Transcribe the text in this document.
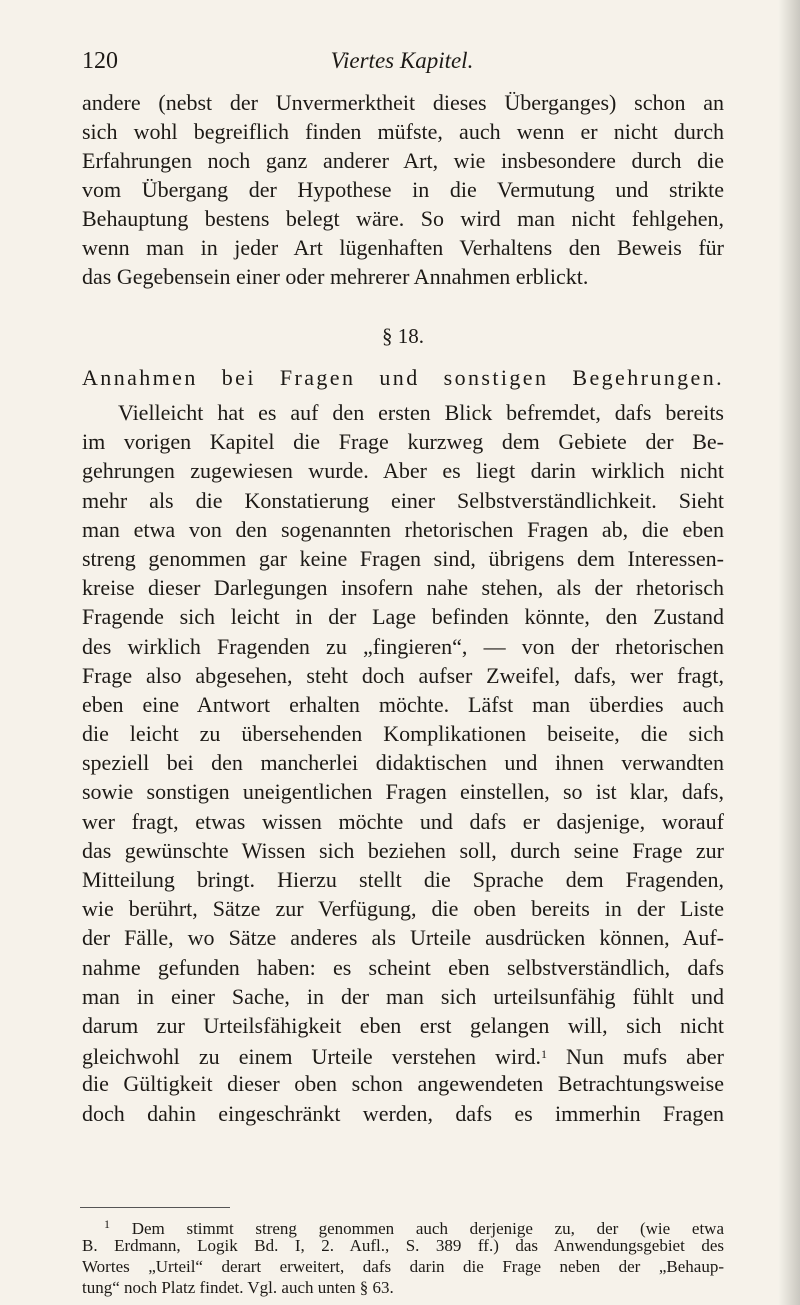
120	Viertes Kapitel.
andere (nebst der Unvermerktheit dieses Überganges) schon an
sich wohl begreiflich finden müfste, auch wenn er nicht durch
Erfahrungen noch ganz anderer Art, wie insbesondere durch die
vom Übergang der Hypothese in die Vermutung und strikte
Behauptung bestens belegt wäre. So wird man nicht fehlgehen,
wenn man in jeder Art lügenhaften Verhaltens den Beweis für
das Gegebensein einer oder mehrerer Annahmen erblickt.
§ 18.
Annahmen bei Fragen und sonstigen Begehrungen.
Vielleicht hat es auf den ersten Blick befremdet, dafs bereits
im vorigen Kapitel die Frage kurzweg dem Gebiete der Be-
gehrungen zugewiesen wurde. Aber es liegt darin wirklich nicht
mehr als die Konstatierung einer Selbstverständlichkeit. Sieht
man etwa von den sogenannten rhetorischen Fragen ab, die eben
streng genommen gar keine Fragen sind, übrigens dem Interessen-
kreise dieser Darlegungen insofern nahe stehen, als der rhetorisch
Fragende sich leicht in der Lage befinden könnte, den Zustand
des wirklich Fragenden zu „fingieren“, — von der rhetorischen
Frage also abgesehen, steht doch aufser Zweifel, dafs, wer fragt,
eben eine Antwort erhalten möchte. Läfst man überdies auch
die leicht zu übersehenden Komplikationen beiseite, die sich
speziell bei den mancherlei didaktischen und ihnen verwandten
sowie sonstigen uneigentlichen Fragen einstellen, so ist klar, dafs,
wer fragt, etwas wissen möchte und dafs er dasjenige, worauf
das gewünschte Wissen sich beziehen soll, durch seine Frage zur
Mitteilung bringt. Hierzu stellt die Sprache dem Fragenden,
wie berührt, Sätze zur Verfügung, die oben bereits in der Liste
der Fälle, wo Sätze anderes als Urteile ausdrücken können, Auf-
nahme gefunden haben: es scheint eben selbstverständlich, dafs
man in einer Sache, in der man sich urteilsunfähig fühlt und
darum zur Urteilsfähigkeit eben erst gelangen will, sich nicht
gleichwohl zu einem Urteile verstehen wird.$^1$ Nun mufs aber
die Gültigkeit dieser oben schon angewendeten Betrachtungsweise
doch dahin eingeschränkt werden, dafs es immerhin Fragen
$^1$ Dem stimmt streng genommen auch derjenige zu, der (wie etwa
B. Erdmann, Logik Bd. I, 2. Aufl., S. 389 ff.) das Anwendungsgebiet des
Wortes „Urteil“ derart erweitert, dafs darin die Frage neben der „Behaup-
tung“ noch Platz findet. Vgl. auch unten § 63.
